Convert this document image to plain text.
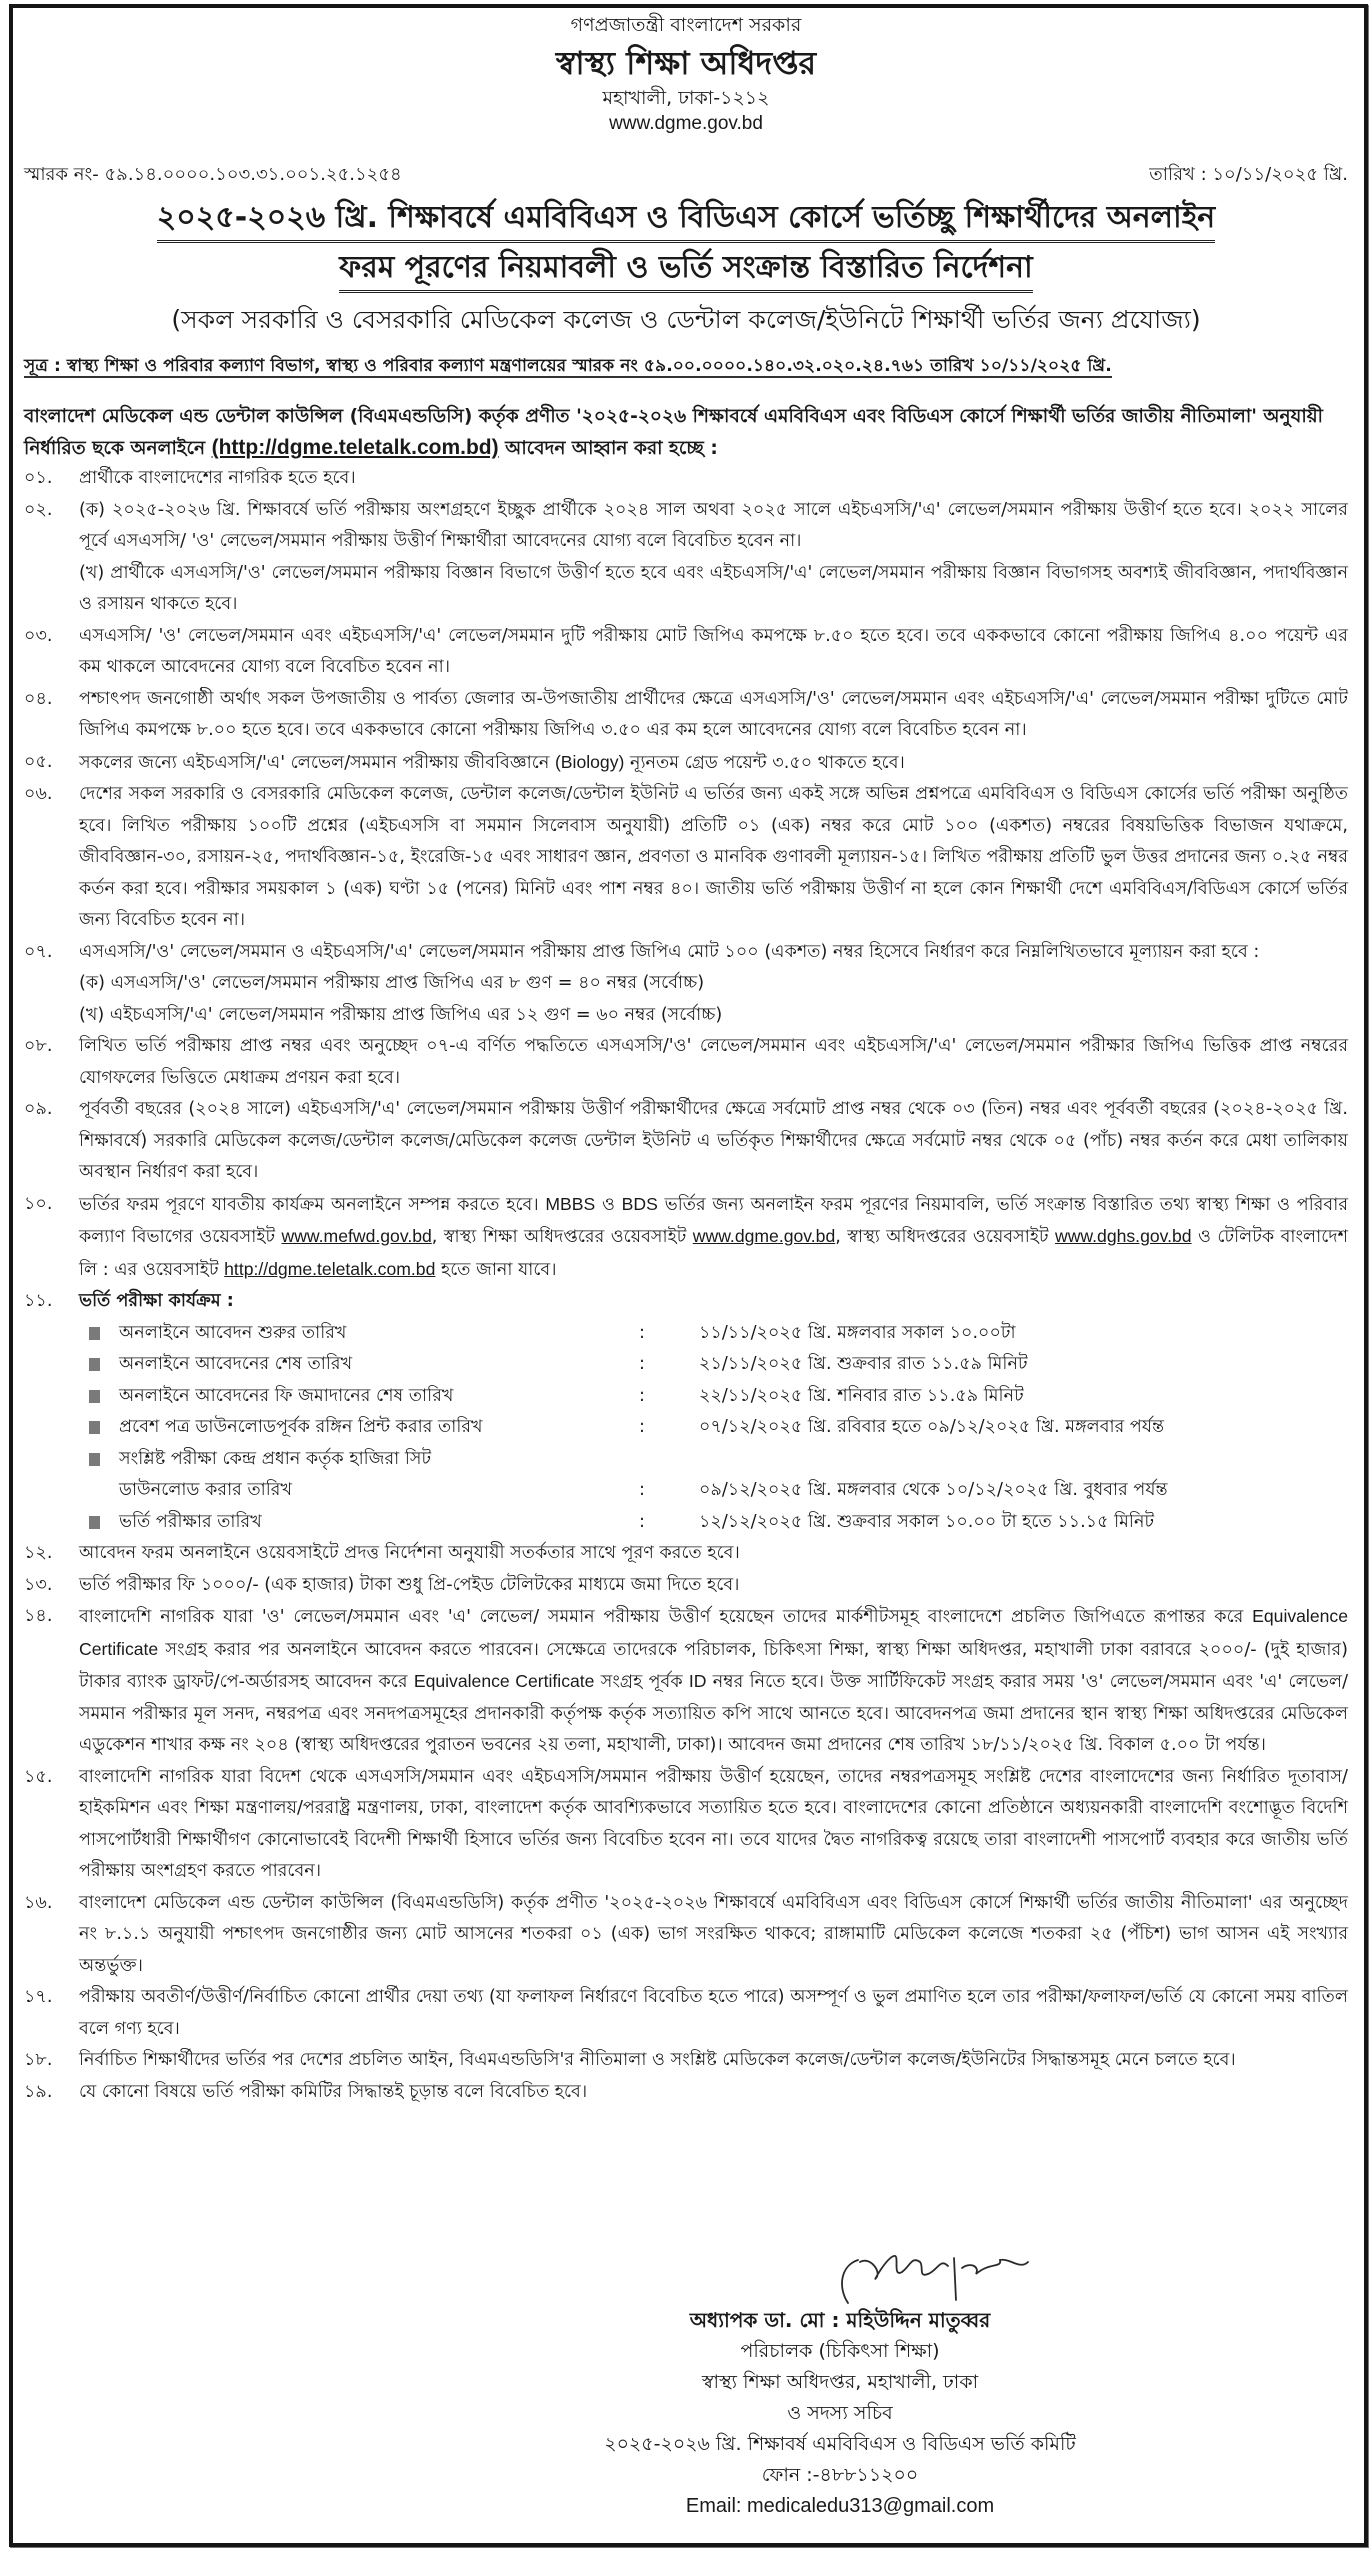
গণপ্রজাতন্ত্রী বাংলাদেশ সরকার
স্বাস্থ্য শিক্ষা অধিদপ্তর
মহাখালী, ঢাকা-১২১২
www.dgme.gov.bd
স্মারক নং- ৫৯.১৪.০০০০.১০৩.৩১.০০১.২৫.১২৫৪	তারিখ : ১০/১১/২০২৫ খ্রি.
২০২৫-২০২৬ খ্রি. শিক্ষাবর্ষে এমবিবিএস ও বিডিএস কোর্সে ভর্তিচ্ছু শিক্ষার্থীদের অনলাইন
ফরম পূরণের নিয়মাবলী ও ভর্তি সংক্রান্ত বিস্তারিত নির্দেশনা
(সকল সরকারি ও বেসরকারি মেডিকেল কলেজ ও ডেন্টাল কলেজ/ইউনিটে শিক্ষার্থী ভর্তির জন্য প্রযোজ্য)
সূত্র : স্বাস্থ্য শিক্ষা ও পরিবার কল্যাণ বিভাগ, স্বাস্থ্য ও পরিবার কল্যাণ মন্ত্রণালয়ের স্মারক নং ৫৯.০০.০০০০.১৪০.৩২.০২০.২৪.৭৬১ তারিখ ১০/১১/২০২৫ খ্রি.
বাংলাদেশ মেডিকেল এন্ড ডেন্টাল কাউন্সিল (বিএমএন্ডডিসি) কর্তৃক প্রণীত '২০২৫-২০২৬ শিক্ষাবর্ষে এমবিবিএস এবং বিডিএস কোর্সে শিক্ষার্থী ভর্তির জাতীয় নীতিমালা' অনুযায়ী নির্ধারিত ছকে অনলাইনে (http://dgme.teletalk.com.bd) আবেদন আহ্বান করা হচ্ছে :
০১.	প্রার্থীকে বাংলাদেশের নাগরিক হতে হবে।
০২.	(ক) ২০২৫-২০২৬ খ্রি. শিক্ষাবর্ষে ভর্তি পরীক্ষায় অংশগ্রহণে ইচ্ছুক প্রার্থীকে ২০২৪ সাল অথবা ২০২৫ সালে এইচএসসি/'এ' লেভেল/সমমান পরীক্ষায় উত্তীর্ণ হতে হবে। ২০২২ সালের পূর্বে এসএসসি/ 'ও' লেভেল/সমমান পরীক্ষায় উত্তীর্ণ শিক্ষার্থীরা আবেদনের যোগ্য বলে বিবেচিত হবেন না।

(খ) প্রার্থীকে এসএসসি/'ও' লেভেল/সমমান পরীক্ষায় বিজ্ঞান বিভাগে উত্তীর্ণ হতে হবে এবং এইচএসসি/'এ' লেভেল/সমমান পরীক্ষায় বিজ্ঞান বিভাগসহ অবশ্যই জীববিজ্ঞান, পদার্থবিজ্ঞান ও রসায়ন থাকতে হবে।

০৩.	এসএসসি/ 'ও' লেভেল/সমমান এবং এইচএসসি/'এ' লেভেল/সমমান দুটি পরীক্ষায় মোট জিপিএ কমপক্ষে ৮.৫০ হতে হবে। তবে এককভাবে কোনো পরীক্ষায় জিপিএ ৪.০০ পয়েন্ট এর কম থাকলে আবেদনের যোগ্য বলে বিবেচিত হবেন না।
০৪.	পশ্চাৎপদ জনগোষ্ঠী অর্থাৎ সকল উপজাতীয় ও পার্বত্য জেলার অ-উপজাতীয় প্রার্থীদের ক্ষেত্রে এসএসসি/'ও' লেভেল/সমমান এবং এইচএসসি/'এ' লেভেল/সমমান পরীক্ষা দুটিতে মোট জিপিএ কমপক্ষে ৮.০০ হতে হবে। তবে এককভাবে কোনো পরীক্ষায় জিপিএ ৩.৫০ এর কম হলে আবেদনের যোগ্য বলে বিবেচিত হবেন না।
০৫.	সকলের জন্যে এইচএসসি/'এ' লেভেল/সমমান পরীক্ষায় জীববিজ্ঞানে (Biology) ন্যূনতম গ্রেড পয়েন্ট ৩.৫০ থাকতে হবে।
০৬.	দেশের সকল সরকারি ও বেসরকারি মেডিকেল কলেজ, ডেন্টাল কলেজ/ডেন্টাল ইউনিট এ ভর্তির জন্য একই সঙ্গে অভিন্ন প্রশ্নপত্রে এমবিবিএস ও বিডিএস কোর্সের ভর্তি পরীক্ষা অনুষ্ঠিত হবে। লিখিত পরীক্ষায় ১০০টি প্রশ্নের (এইচএসসি বা সমমান সিলেবাস অনুযায়ী) প্রতিটি ০১ (এক) নম্বর করে মোট ১০০ (একশত) নম্বরের বিষয়ভিত্তিক বিভাজন যথাক্রমে, জীববিজ্ঞান-৩০, রসায়ন-২৫, পদার্থবিজ্ঞান-১৫, ইংরেজি-১৫ এবং সাধারণ জ্ঞান, প্রবণতা ও মানবিক গুণাবলী মূল্যায়ন-১৫। লিখিত পরীক্ষায় প্রতিটি ভুল উত্তর প্রদানের জন্য ০.২৫ নম্বর কর্তন করা হবে। পরীক্ষার সময়কাল ১ (এক) ঘণ্টা ১৫ (পনের) মিনিট এবং পাশ নম্বর ৪০। জাতীয় ভর্তি পরীক্ষায় উত্তীর্ণ না হলে কোন শিক্ষার্থী দেশে এমবিবিএস/বিডিএস কোর্সে ভর্তির জন্য বিবেচিত হবেন না।
০৭.	এসএসসি/'ও' লেভেল/সমমান ও এইচএসসি/'এ' লেভেল/সমমান পরীক্ষায় প্রাপ্ত জিপিএ মোট ১০০ (একশত) নম্বর হিসেবে নির্ধারণ করে নিম্নলিখিতভাবে মূল্যায়ন করা হবে :

(ক) এসএসসি/'ও' লেভেল/সমমান পরীক্ষায় প্রাপ্ত জিপিএ এর ৮ গুণ = ৪০ নম্বর (সর্বোচ্চ)

(খ) এইচএসসি/'এ' লেভেল/সমমান পরীক্ষায় প্রাপ্ত জিপিএ এর ১২ গুণ = ৬০ নম্বর (সর্বোচ্চ)

০৮.	লিখিত ভর্তি পরীক্ষায় প্রাপ্ত নম্বর এবং অনুচ্ছেদ ০৭-এ বর্ণিত পদ্ধতিতে এসএসসি/'ও' লেভেল/সমমান এবং এইচএসসি/'এ' লেভেল/সমমান পরীক্ষার জিপিএ ভিত্তিক প্রাপ্ত নম্বরের যোগফলের ভিত্তিতে মেধাক্রম প্রণয়ন করা হবে।
০৯.	পূর্ববর্তী বছরের (২০২৪ সালে) এইচএসসি/'এ' লেভেল/সমমান পরীক্ষায় উত্তীর্ণ পরীক্ষার্থীদের ক্ষেত্রে সর্বমোট প্রাপ্ত নম্বর থেকে ০৩ (তিন) নম্বর এবং পূর্ববর্তী বছরের (২০২৪-২০২৫ খ্রি. শিক্ষাবর্ষে) সরকারি মেডিকেল কলেজ/ডেন্টাল কলেজ/মেডিকেল কলেজ ডেন্টাল ইউনিট এ ভর্তিকৃত শিক্ষার্থীদের ক্ষেত্রে সর্বমোট নম্বর থেকে ০৫ (পাঁচ) নম্বর কর্তন করে মেধা তালিকায় অবস্থান নির্ধারণ করা হবে।
১০.	ভর্তির ফরম পূরণে যাবতীয় কার্যক্রম অনলাইনে সম্পন্ন করতে হবে। MBBS ও BDS ভর্তির জন্য অনলাইন ফরম পূরণের নিয়মাবলি, ভর্তি সংক্রান্ত বিস্তারিত তথ্য স্বাস্থ্য শিক্ষা ও পরিবার কল্যাণ বিভাগের ওয়েবসাইট www.mefwd.gov.bd, স্বাস্থ্য শিক্ষা অধিদপ্তরের ওয়েবসাইট www.dgme.gov.bd, স্বাস্থ্য অধিদপ্তরের ওয়েবসাইট www.dghs.gov.bd ও টেলিটক বাংলাদেশ লি : এর ওয়েবসাইট http://dgme.teletalk.com.bd হতে জানা যাবে।
১১.	ভর্তি পরীক্ষা কার্যক্রম :

অনলাইনে আবেদন শুরুর তারিখ	:	১১/১১/২০২৫ খ্রি. মঙ্গলবার সকাল ১০.০০টা
অনলাইনে আবেদনের শেষ তারিখ	:	২১/১১/২০২৫ খ্রি. শুক্রবার রাত ১১.৫৯ মিনিট
অনলাইনে আবেদনের ফি জমাদানের শেষ তারিখ	:	২২/১১/২০২৫ খ্রি. শনিবার রাত ১১.৫৯ মিনিট
প্রবেশ পত্র ডাউনলোডপূর্বক রঙ্গিন প্রিন্ট করার তারিখ	:	০৭/১২/২০২৫ খ্রি. রবিবার হতে ০৯/১২/২০২৫ খ্রি. মঙ্গলবার পর্যন্ত
সংশ্লিষ্ট পরীক্ষা কেন্দ্র প্রধান কর্তৃক হাজিরা সিট
ডাউনলোড করার তারিখ	:	০৯/১২/২০২৫ খ্রি. মঙ্গলবার থেকে ১০/১২/২০২৫ খ্রি. বুধবার পর্যন্ত
ভর্তি পরীক্ষার তারিখ	:	১২/১২/২০২৫ খ্রি. শুক্রবার সকাল ১০.০০ টা হতে ১১.১৫ মিনিট
১২.	আবেদন ফরম অনলাইনে ওয়েবসাইটে প্রদত্ত নির্দেশনা অনুযায়ী সতর্কতার সাথে পূরণ করতে হবে।
১৩.	ভর্তি পরীক্ষার ফি ১০০০/- (এক হাজার) টাকা শুধু প্রি-পেইড টেলিটকের মাধ্যমে জমা দিতে হবে।
১৪.	বাংলাদেশি নাগরিক যারা 'ও' লেভেল/সমমান এবং 'এ' লেভেল/ সমমান পরীক্ষায় উত্তীর্ণ হয়েছেন তাদের মার্কশীটসমূহ বাংলাদেশে প্রচলিত জিপিএতে রূপান্তর করে Equivalence Certificate সংগ্রহ করার পর অনলাইনে আবেদন করতে পারবেন। সেক্ষেত্রে তাদেরকে পরিচালক, চিকিৎসা শিক্ষা, স্বাস্থ্য শিক্ষা অধিদপ্তর, মহাখালী ঢাকা বরাবরে ২০০০/- (দুই হাজার) টাকার ব্যাংক ড্রাফট/পে-অর্ডারসহ আবেদন করে Equivalence Certificate সংগ্রহ পূর্বক ID নম্বর নিতে হবে। উক্ত সার্টিফিকেট সংগ্রহ করার সময় 'ও' লেভেল/সমমান এবং 'এ' লেভেল/সমমান পরীক্ষার মূল সনদ, নম্বরপত্র এবং সনদপত্রসমূহের প্রদানকারী কর্তৃপক্ষ কর্তৃক সত্যায়িত কপি সাথে আনতে হবে। আবেদনপত্র জমা প্রদানের স্থান স্বাস্থ্য শিক্ষা অধিদপ্তরের মেডিকেল এডুকেশন শাখার কক্ষ নং ২০৪ (স্বাস্থ্য অধিদপ্তরের পুরাতন ভবনের ২য় তলা, মহাখালী, ঢাকা)। আবেদন জমা প্রদানের শেষ তারিখ ১৮/১১/২০২৫ খ্রি. বিকাল ৫.০০ টা পর্যন্ত।
১৫.	বাংলাদেশি নাগরিক যারা বিদেশ থেকে এসএসসি/সমমান এবং এইচএসসি/সমমান পরীক্ষায় উত্তীর্ণ হয়েছেন, তাদের নম্বরপত্রসমূহ সংশ্লিষ্ট দেশের বাংলাদেশের জন্য নির্ধারিত দূতাবাস/হাইকমিশন এবং শিক্ষা মন্ত্রণালয়/পররাষ্ট্র মন্ত্রণালয়, ঢাকা, বাংলাদেশ কর্তৃক আবশ্যিকভাবে সত্যায়িত হতে হবে। বাংলাদেশের কোনো প্রতিষ্ঠানে অধ্যয়নকারী বাংলাদেশি বংশোদ্ভূত বিদেশি পাসপোর্টধারী শিক্ষার্থীগণ কোনোভাবেই বিদেশী শিক্ষার্থী হিসাবে ভর্তির জন্য বিবেচিত হবেন না। তবে যাদের দ্বৈত নাগরিকত্ব রয়েছে তারা বাংলাদেশী পাসপোর্ট ব্যবহার করে জাতীয় ভর্তি পরীক্ষায় অংশগ্রহণ করতে পারবেন।
১৬.	বাংলাদেশ মেডিকেল এন্ড ডেন্টাল কাউন্সিল (বিএমএন্ডডিসি) কর্তৃক প্রণীত '২০২৫-২০২৬ শিক্ষাবর্ষে এমবিবিএস এবং বিডিএস কোর্সে শিক্ষার্থী ভর্তির জাতীয় নীতিমালা' এর অনুচ্ছেদ নং ৮.১.১ অনুযায়ী পশ্চাৎপদ জনগোষ্ঠীর জন্য মোট আসনের শতকরা ০১ (এক) ভাগ সংরক্ষিত থাকবে; রাঙ্গামাটি মেডিকেল কলেজে শতকরা ২৫ (পঁচিশ) ভাগ আসন এই সংখ্যার অন্তর্ভুক্ত।
১৭.	পরীক্ষায় অবতীর্ণ/উত্তীর্ণ/নির্বাচিত কোনো প্রার্থীর দেয়া তথ্য (যা ফলাফল নির্ধারণে বিবেচিত হতে পারে) অসম্পূর্ণ ও ভুল প্রমাণিত হলে তার পরীক্ষা/ফলাফল/ভর্তি যে কোনো সময় বাতিল বলে গণ্য হবে।
১৮.	নির্বাচিত শিক্ষার্থীদের ভর্তির পর দেশের প্রচলিত আইন, বিএমএন্ডডিসি'র নীতিমালা ও সংশ্লিষ্ট মেডিকেল কলেজ/ডেন্টাল কলেজ/ইউনিটের সিদ্ধান্তসমূহ মেনে চলতে হবে।
১৯.	যে কোনো বিষয়ে ভর্তি পরীক্ষা কমিটির সিদ্ধান্তই চূড়ান্ত বলে বিবেচিত হবে।
অধ্যাপক ডা. মো : মহিউদ্দিন মাতুব্বর
পরিচালক (চিকিৎসা শিক্ষা)
স্বাস্থ্য শিক্ষা অধিদপ্তর, মহাখালী, ঢাকা
ও সদস্য সচিব
২০২৫-২০২৬ খ্রি. শিক্ষাবর্ষ এমবিবিএস ও বিডিএস ভর্তি কমিটি
ফোন :-৪৮৮১১২০০
Email: medicaledu313@gmail.com
